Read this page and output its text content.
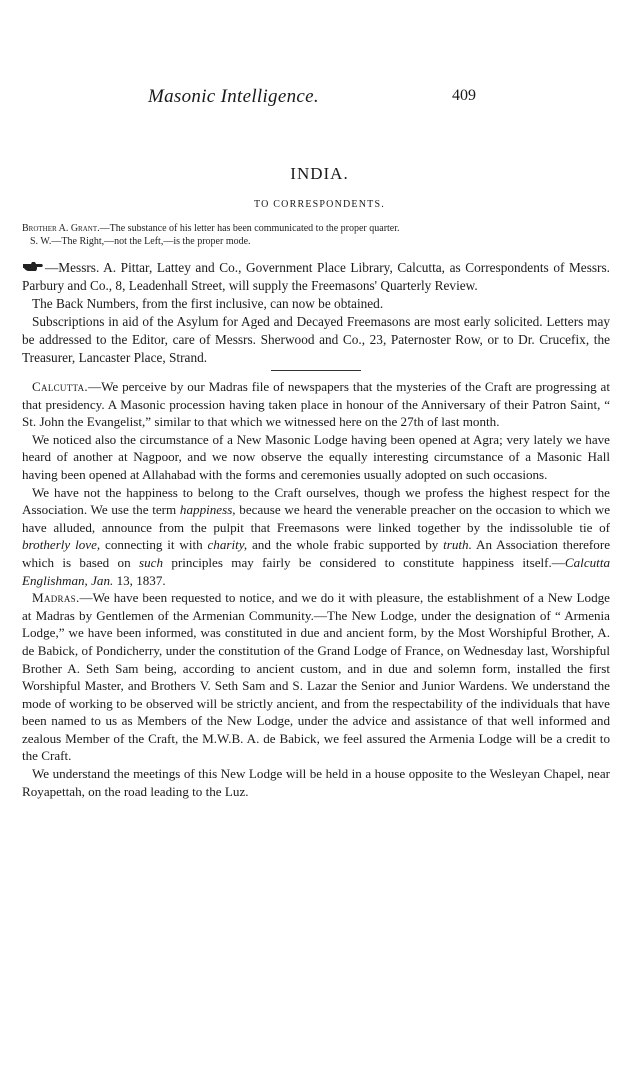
Masonic Intelligence.	409
INDIA.
TO CORRESPONDENTS.

Brother A. Grant.—The substance of his letter has been communicated to the proper quarter.

S. W.—The Right,—not the Left,—is the proper mode.

—Messrs. A. Pittar, Lattey and Co., Government Place Library, Calcutta, as Correspondents of Messrs. Parbury and Co., 8, Leadenhall Street, will supply the Freemasons' Quarterly Review.

The Back Numbers, from the first inclusive, can now be obtained.

Subscriptions in aid of the Asylum for Aged and Decayed Freemasons are most early solicited. Letters may be addressed to the Editor, care of Messrs. Sherwood and Co., 23, Paternoster Row, or to Dr. Crucefix, the Treasurer, Lancaster Place, Strand.

Calcutta.—We perceive by our Madras file of newspapers that the mysteries of the Craft are progressing at that presidency. A Masonic procession having taken place in honour of the Anniversary of their Patron Saint, “ St. John the Evangelist,” similar to that which we witnessed here on the 27th of last month.

We noticed also the circumstance of a New Masonic Lodge having been opened at Agra; very lately we have heard of another at Nagpoor, and we now observe the equally interesting circumstance of a Masonic Hall having been opened at Allahabad with the forms and ceremonies usually adopted on such occasions.

We have not the happiness to belong to the Craft ourselves, though we profess the highest respect for the Association. We use the term happiness, because we heard the venerable preacher on the occasion to which we have alluded, announce from the pulpit that Freemasons were linked together by the indissoluble tie of brotherly love, connecting it with charity, and the whole frabic supported by truth. An Association therefore which is based on such principles may fairly be considered to constitute happiness itself.—Calcutta Englishman, Jan. 13, 1837.

Madras.—We have been requested to notice, and we do it with pleasure, the establishment of a New Lodge at Madras by Gentlemen of the Armenian Community.—The New Lodge, under the designation of “ Armenia Lodge,” we have been informed, was constituted in due and ancient form, by the Most Worshipful Brother, A. de Babick, of Pondicherry, under the constitution of the Grand Lodge of France, on Wednesday last, Worshipful Brother A. Seth Sam being, according to ancient custom, and in due and solemn form, installed the first Worshipful Master, and Brothers V. Seth Sam and S. Lazar the Senior and Junior Wardens. We understand the mode of working to be observed will be strictly ancient, and from the respectability of the individuals that have been named to us as Members of the New Lodge, under the advice and assistance of that well informed and zealous Member of the Craft, the M.W.B. A. de Babick, we feel assured the Armenia Lodge will be a credit to the Craft.

We understand the meetings of this New Lodge will be held in a house opposite to the Wesleyan Chapel, near Royapettah, on the road leading to the Luz.
